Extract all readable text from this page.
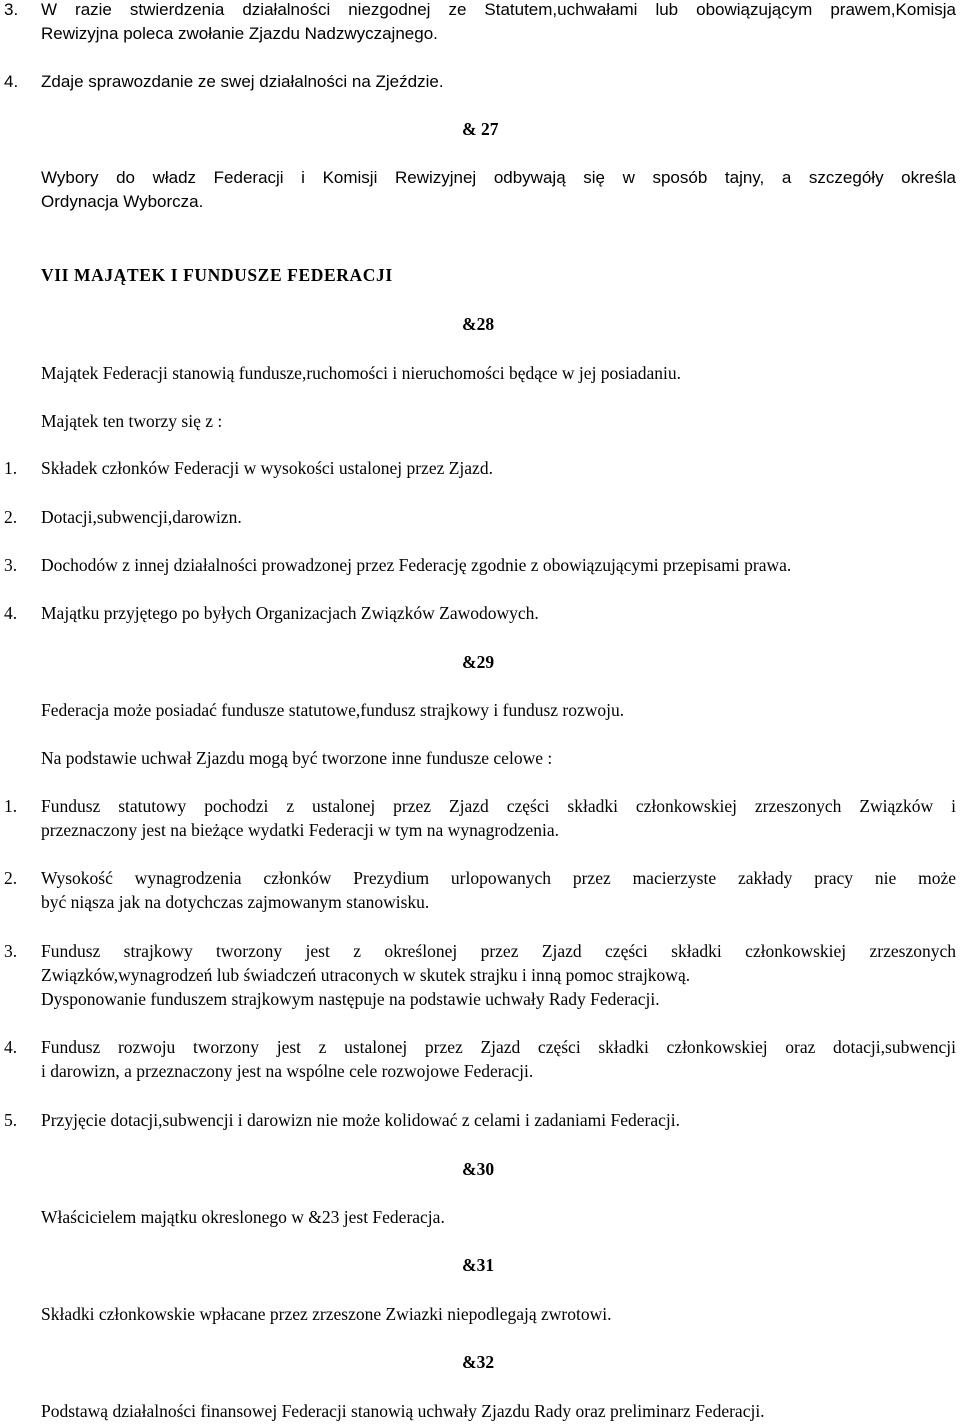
3. W razie stwierdzenia działalności niezgodnej ze Statutem,uchwałami lub obowiązującym prawem,Komisja
Rewizyjna poleca zwołanie Zjazdu Nadzwyczajnego.
4. Zdaje sprawozdanie ze swej działalności na Zjeździe.
& 27
Wybory do władz Federacji i Komisji Rewizyjnej odbywają się w sposób tajny, a szczegóły określa
Ordynacja Wyborcza.
VII MAJĄTEK I FUNDUSZE FEDERACJI
&28
Majątek Federacji stanowią fundusze,ruchomości i nieruchomości będące w jej posiadaniu.
Majątek ten tworzy się z :
1. Składek członków Federacji w wysokości ustalonej przez Zjazd.
2. Dotacji,subwencji,darowizn.
3. Dochodów z innej działalności prowadzonej przez Federację zgodnie z obowiązującymi przepisami prawa.
4. Majątku przyjętego po byłych Organizacjach Związków Zawodowych.
&29
Federacja może posiadać fundusze statutowe,fundusz strajkowy i fundusz rozwoju.
Na podstawie uchwał Zjazdu mogą być tworzone inne fundusze celowe :
1. Fundusz statutowy pochodzi z ustalonej przez Zjazd części składki członkowskiej zrzeszonych Związków i
przeznaczony jest na bieżące wydatki Federacji w tym na wynagrodzenia.
2. Wysokość wynagrodzenia członków Prezydium urlopowanych przez macierzyste zakłady pracy nie może
być niąsza jak na dotychczas zajmowanym stanowisku.
3. Fundusz strajkowy tworzony jest z określonej przez Zjazd części składki członkowskiej zrzeszonych
Związków,wynagrodzeń lub świadczeń utraconych w skutek strajku i inną pomoc strajkową.
Dysponowanie funduszem strajkowym następuje na podstawie uchwały Rady Federacji.
4. Fundusz rozwoju tworzony jest z ustalonej przez Zjazd części składki członkowskiej oraz dotacji,subwencji
i darowizn, a przeznaczony jest na wspólne cele rozwojowe Federacji.
5. Przyjęcie dotacji,subwencji i darowizn nie może kolidować z celami i zadaniami Federacji.
&30
Właścicielem majątku okreslonego w &23 jest Federacja.
&31
Składki członkowskie wpłacane przez zrzeszone Zwiazki niepodlegają zwrotowi.
&32
Podstawą działalności finansowej Federacji stanowią uchwały Zjazdu Rady oraz preliminarz Federacji.
